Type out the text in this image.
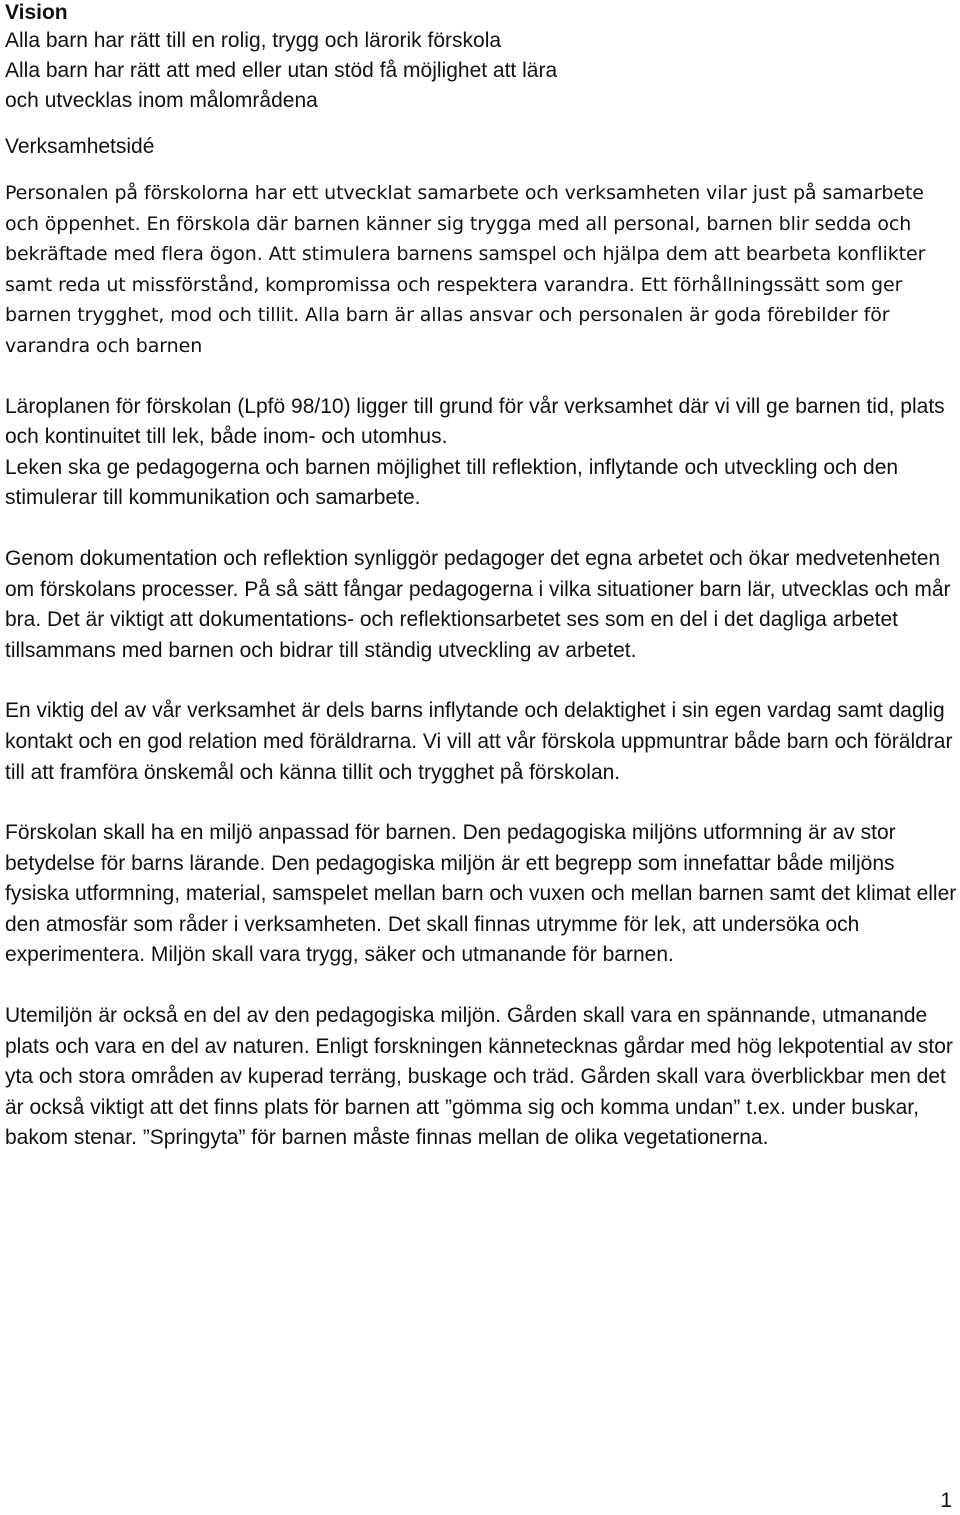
Vision
Alla barn har rätt till en rolig, trygg och lärorik förskola
Alla barn har rätt att med eller utan stöd få möjlighet att lära
och utvecklas inom målområdena
Verksamhetsidé

Personalen på förskolorna har ett utvecklat samarbete och verksamheten vilar just på samarbete och öppenhet. En förskola där barnen känner sig trygga med all personal, barnen blir sedda och bekräftade med flera ögon. Att stimulera barnens samspel och hjälpa dem att bearbeta konflikter samt reda ut missförstånd, kompromissa och respektera varandra. Ett förhållningssätt som ger barnen trygghet, mod och tillit. Alla barn är allas ansvar och personalen är goda förebilder för varandra och barnen

Läroplanen för förskolan (Lpfö 98/10) ligger till grund för vår verksamhet där vi vill ge barnen tid, plats och kontinuitet till lek, både inom- och utomhus.

Leken ska ge pedagogerna och barnen möjlighet till reflektion, inflytande och utveckling och den stimulerar till kommunikation och samarbete.

Genom dokumentation och reflektion synliggör pedagoger det egna arbetet och ökar medvetenheten om förskolans processer. På så sätt fångar pedagogerna i vilka situationer barn lär, utvecklas och mår bra. Det är viktigt att dokumentations- och reflektionsarbetet ses som en del i det dagliga arbetet tillsammans med barnen och bidrar till ständig utveckling av arbetet.

En viktig del av vår verksamhet är dels barns inflytande och delaktighet i sin egen vardag samt daglig kontakt och en god relation med föräldrarna. Vi vill att vår förskola uppmuntrar både barn och föräldrar till att framföra önskemål och känna tillit och trygghet på förskolan.

Förskolan skall ha en miljö anpassad för barnen. Den pedagogiska miljöns utformning är av stor betydelse för barns lärande. Den pedagogiska miljön är ett begrepp som innefattar både miljöns fysiska utformning, material, samspelet mellan barn och vuxen och mellan barnen samt det klimat eller den atmosfär som råder i verksamheten. Det skall finnas utrymme för lek, att undersöka och experimentera. Miljön skall vara trygg, säker och utmanande för barnen.

Utemiljön är också en del av den pedagogiska miljön. Gården skall vara en spännande, utmanande plats och vara en del av naturen. Enligt forskningen kännetecknas gårdar med hög lekpotential av stor yta och stora områden av kuperad terräng, buskage och träd. Gården skall vara överblickbar men det är också viktigt att det finns plats för barnen att ”gömma sig och komma undan” t.ex. under buskar, bakom stenar. ”Springyta” för barnen måste finnas mellan de olika vegetationerna.

1
